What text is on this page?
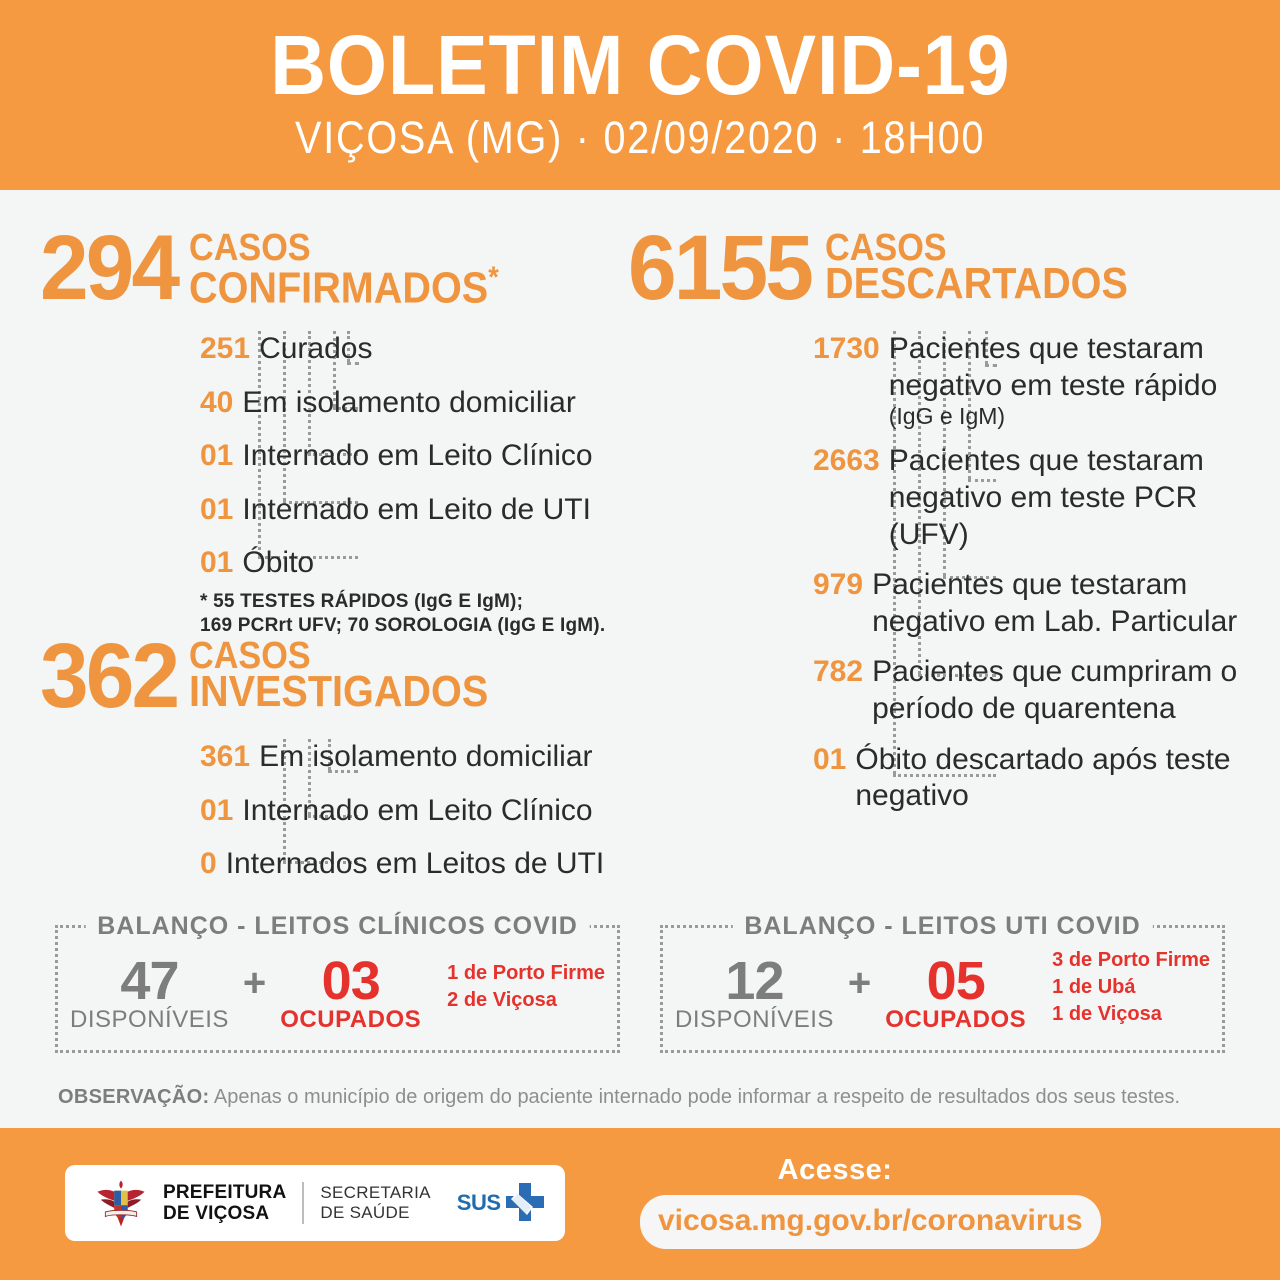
BOLETIM COVID-19
VIÇOSA (MG) · 02/09/2020 · 18H00
294 CASOS
CONFIRMADOS*
251 Curados
40 Em isolamento domiciliar
01 Internado em Leito Clínico
01 Internado em Leito de UTI
01 Óbito
* 55 TESTES RÁPIDOS (IgG E IgM);
169 PCRrt UFV; 70 SOROLOGIA (IgG E IgM).
362 CASOS
INVESTIGADOS
361 Em isolamento domiciliar
01 Internado em Leito Clínico
0 Internados em Leitos de UTI
6155 CASOS
DESCARTADOS
1730 Pacientes que testaram negativo em teste rápido
(IgG e IgM)
2663 Pacientes que testaram negativo em teste PCR (UFV)
979 Pacientes que testaram negativo em Lab. Particular
782 Pacientes que cumpriram o período de quarentena
01 Óbito descartado após teste negativo
BALANÇO - LEITOS CLÍNICOS COVID
47
DISPONÍVEIS
+	03
OCUPADOS
1 de Porto Firme
2 de Viçosa
BALANÇO - LEITOS UTI COVID
12
DISPONÍVEIS
+	05
OCUPADOS
3 de Porto Firme
1 de Ubá
1 de Viçosa
OBSERVAÇÃO: Apenas o município de origem do paciente internado pode informar a respeito de resultados dos seus testes.
PREFEITURA
DE VIÇOSA
SECRETARIA
DE SAÚDE	SUS
Acesse:
vicosa.mg.gov.br/coronavirus
